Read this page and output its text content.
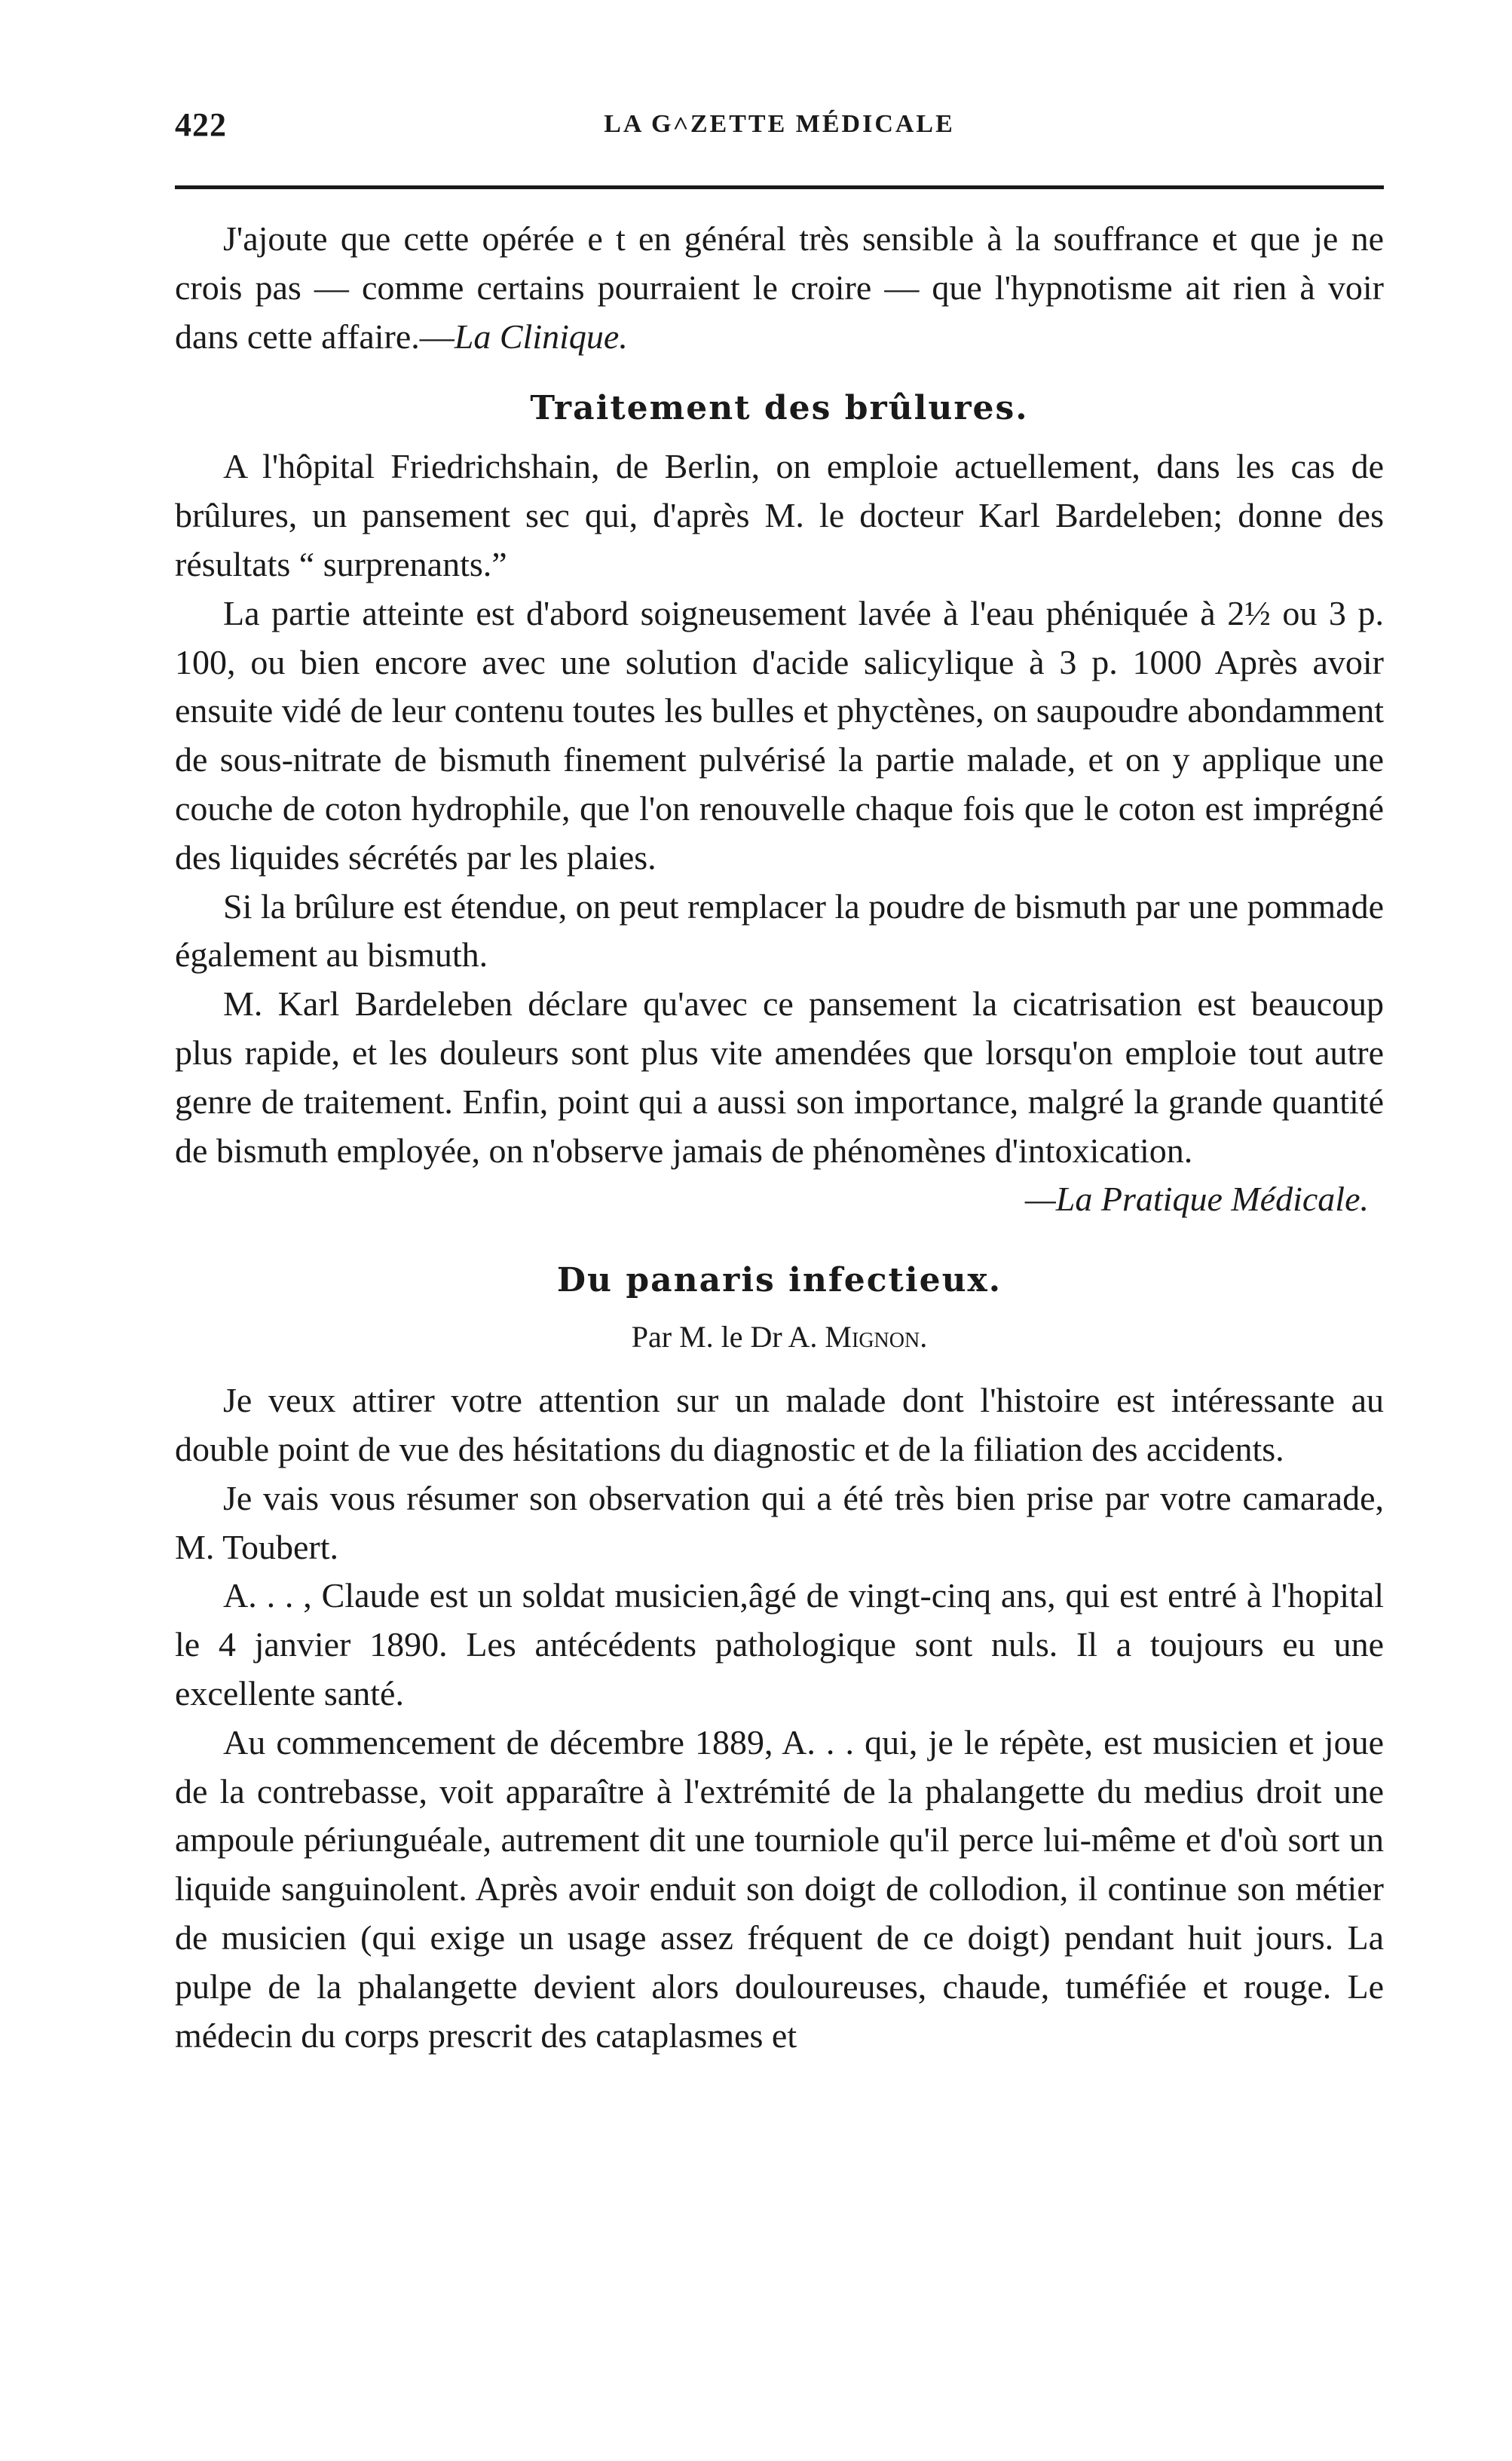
422	LA G˄ZETTE MÉDICALE

J'ajoute que cette opérée e t en général très sensible à la souffrance et que je ne crois pas — comme certains pourraient le croire — que l'hypnotisme ait rien à voir dans cette affaire.—La Clinique.

Traitement des brûlures.

A l'hôpital Friedrichshain, de Berlin, on emploie actuellement, dans les cas de brûlures, un pansement sec qui, d'après M. le docteur Karl Bardeleben; donne des résultats “ surprenants.”

La partie atteinte est d'abord soigneusement lavée à l'eau phéniquée à 2½ ou 3 p. 100, ou bien encore avec une solution d'acide salicylique à 3 p. 1000 Après avoir ensuite vidé de leur contenu toutes les bulles et phyctènes, on saupoudre abondamment de sous-nitrate de bismuth finement pulvérisé la partie malade, et on y applique une couche de coton hydrophile, que l'on renouvelle chaque fois que le coton est imprégné des liquides sécrétés par les plaies.

Si la brûlure est étendue, on peut remplacer la poudre de bismuth par une pommade également au bismuth.

M. Karl Bardeleben déclare qu'avec ce pansement la cicatrisation est beaucoup plus rapide, et les douleurs sont plus vite amendées que lorsqu'on emploie tout autre genre de traitement. Enfin, point qui a aussi son importance, malgré la grande quantité de bismuth employée, on n'observe jamais de phénomènes d'intoxication.

—La Pratique Médicale.

Du panaris infectieux.
Par M. le Dr A. Mignon.

Je veux attirer votre attention sur un malade dont l'histoire est intéressante au double point de vue des hésitations du diagnostic et de la filiation des accidents.

Je vais vous résumer son observation qui a été très bien prise par votre camarade, M. Toubert.

A. . . , Claude est un soldat musicien,âgé de vingt-cinq ans, qui est entré à l'hopital le 4 janvier 1890. Les antécédents pathologique sont nuls. Il a toujours eu une excellente santé.

Au commencement de décembre 1889, A. . . qui, je le répète, est musicien et joue de la contrebasse, voit apparaître à l'extrémité de la phalangette du medius droit une ampoule périunguéale, autrement dit une tourniole qu'il perce lui-même et d'où sort un liquide sanguinolent. Après avoir enduit son doigt de collodion, il continue son métier de musicien (qui exige un usage assez fréquent de ce doigt) pendant huit jours. La pulpe de la phalangette devient alors douloureuses, chaude, tuméfiée et rouge. Le médecin du corps prescrit des cataplasmes et
